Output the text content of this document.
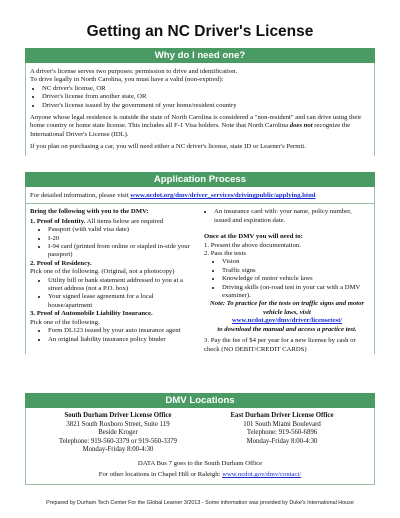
Getting an NC Driver's License
Why do I need one?

A driver's license serves two purposes: permission to drive and identification.

To drive legally in North Carolina, you must have a valid (non-expired):

• NC driver's license, OR
• Driver's license from another state, OR
• Driver's license issued by the government of your home/resident country

Anyone whose legal residence is outside the state of North Carolina is considered a "non-resident" and can drive using their home country or home state license. This includes all F-1 Visa holders. Note that North Carolina does not recognize the International Driver's License (IDL).

If you plan on purchasing a car, you will need either a NC driver's license, state ID or Learner's Permit.

Application Process

For detailed information, please visit www.ncdot.org/dmv/driver_services/drivingpublic/applying.html

Bring the following with you to the DMV:

1. Proof of Identity. All items below are required

• Passport (with valid visa date)
• I-20
• I-94 card (printed from online or stapled in-side your passport)

2. Proof of Residency.

Pick one of the following. (Original, not a photocopy)

• Utility bill or bank statement addressed to you at a street address (not a P.O. box)
• Your signed lease agreement for a local house/apartment

3. Proof of Automobile Liability Insurance.

Pick one of the following.

• Form DL123 issued by your auto insurance agent
• An original liability insurance policy binder
• An insurance card with: your name, policy number, issued and expiration date.

Once at the DMV you will need to:

1. Present the above documentation.

2. Pass the tests

• Vision
• Traffic signs
• Knowledge of motor vehicle laws
• Driving skills (on-road test in your car with a DMV examiner).

Note: To practice for the tests on traffic signs and motor vehicle laws, visit

www.ncdot.gov/dmv/driver/licensetest/

to download the manual and access a practice test.

3. Pay the fee of $4 per year for a new license by cash or check (NO DEBIT/CREDIT CARDS)

DMV Locations

South Durham Driver License Office

3821 South Roxboro Street, Suite 119

Beside Kroger

Telephone: 919-560-3379 or 919-560-3379

Monday-Friday 8:00-4:30

East Durham Driver License Office

101 South Miami Boulevard

Telephone: 919-560-6896

Monday-Friday 8:00-4:30

DATA Bus 7 goes to the South Durham Office

For other locations in Chapel Hill or Raleigh: www.ncdot.gov/dmv/contact/

Prepared by Durham Tech Center For the Global Learner 3/2013 - Some information was provided by Duke's International House
